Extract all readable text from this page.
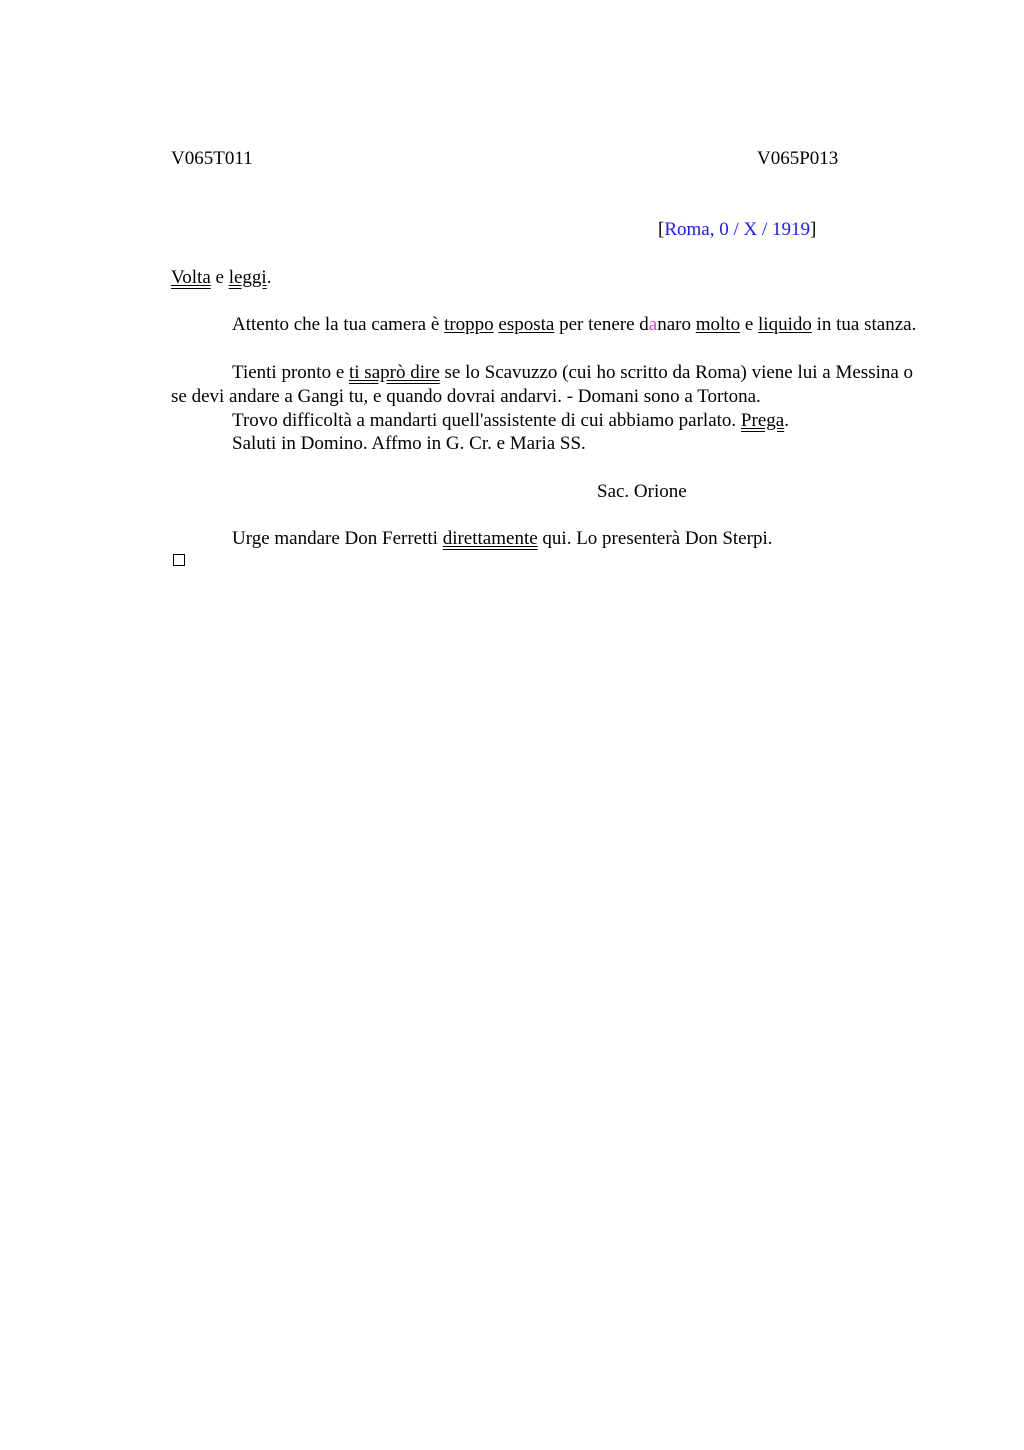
V065T011	V065P013
[Roma, 0 / X / 1919]
Volta e leggi.
Attento che la tua camera è troppo esposta per tenere danaro molto e liquido in tua stanza.
Tienti pronto e ti saprò dire se lo Scavuzzo (cui ho scritto da Roma) viene lui a Messina o se devi andare a Gangi tu, e quando dovrai andarvi. - Domani sono a Tortona.
Trovo difficoltà a mandarti quell'assistente di cui abbiamo parlato. Prega.
Saluti in Domino. Affmo in G. Cr. e Maria SS.
Sac. Orione
Urge mandare Don Ferretti direttamente qui. Lo presenterà Don Sterpi.
